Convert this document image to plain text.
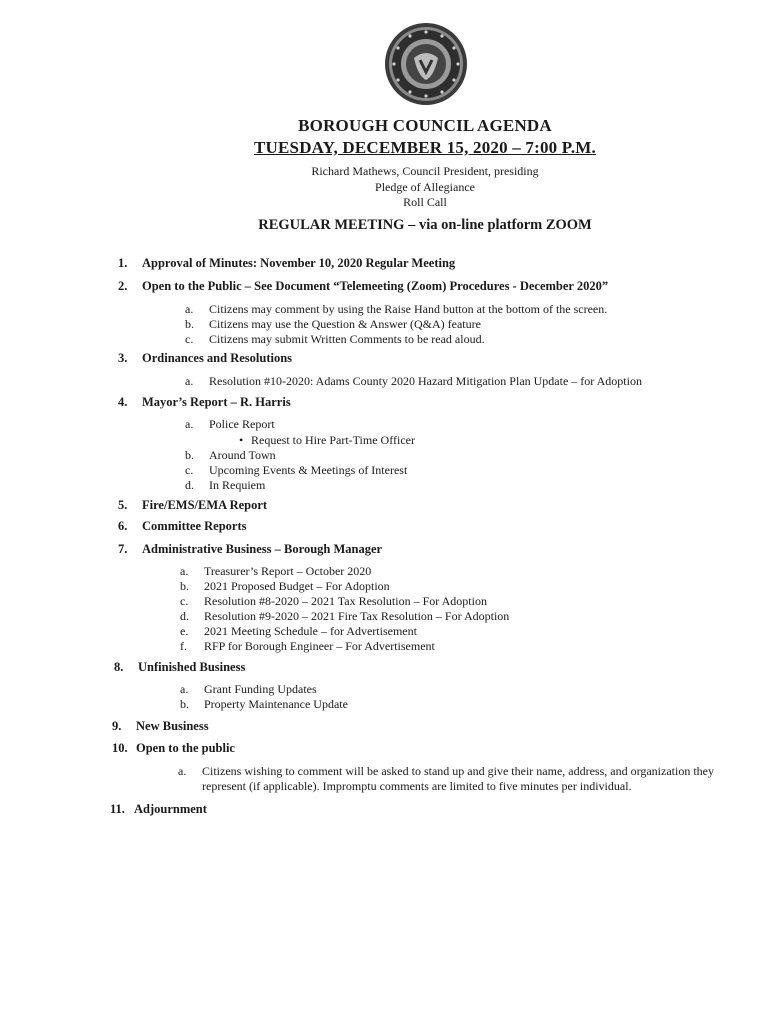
BOROUGH COUNCIL AGENDA
TUESDAY, DECEMBER 15, 2020 – 7:00 P.M.
Richard Mathews, Council President, presiding
Pledge of Allegiance
Roll Call
REGULAR MEETING – via on-line platform ZOOM
1. Approval of Minutes: November 10, 2020 Regular Meeting
2. Open to the Public – See Document “Telemeeting (Zoom) Procedures - December 2020”
a. Citizens may comment by using the Raise Hand button at the bottom of the screen.
b. Citizens may use the Question & Answer (Q&A) feature
c. Citizens may submit Written Comments to be read aloud.
3. Ordinances and Resolutions
a. Resolution #10-2020: Adams County 2020 Hazard Mitigation Plan Update – for Adoption
4. Mayor’s Report – R. Harris
a. Police Report
• Request to Hire Part-Time Officer
b. Around Town
c. Upcoming Events & Meetings of Interest
d. In Requiem
5. Fire/EMS/EMA Report
6. Committee Reports
7. Administrative Business – Borough Manager
a. Treasurer’s Report – October 2020
b. 2021 Proposed Budget – For Adoption
c. Resolution #8-2020 – 2021 Tax Resolution – For Adoption
d. Resolution #9-2020 – 2021 Fire Tax Resolution – For Adoption
e. 2021 Meeting Schedule – for Advertisement
f. RFP for Borough Engineer – For Advertisement
8. Unfinished Business
a. Grant Funding Updates
b. Property Maintenance Update
9. New Business
10. Open to the public
a. Citizens wishing to comment will be asked to stand up and give their name, address, and organization they represent (if applicable). Impromptu comments are limited to five minutes per individual.
11. Adjournment
